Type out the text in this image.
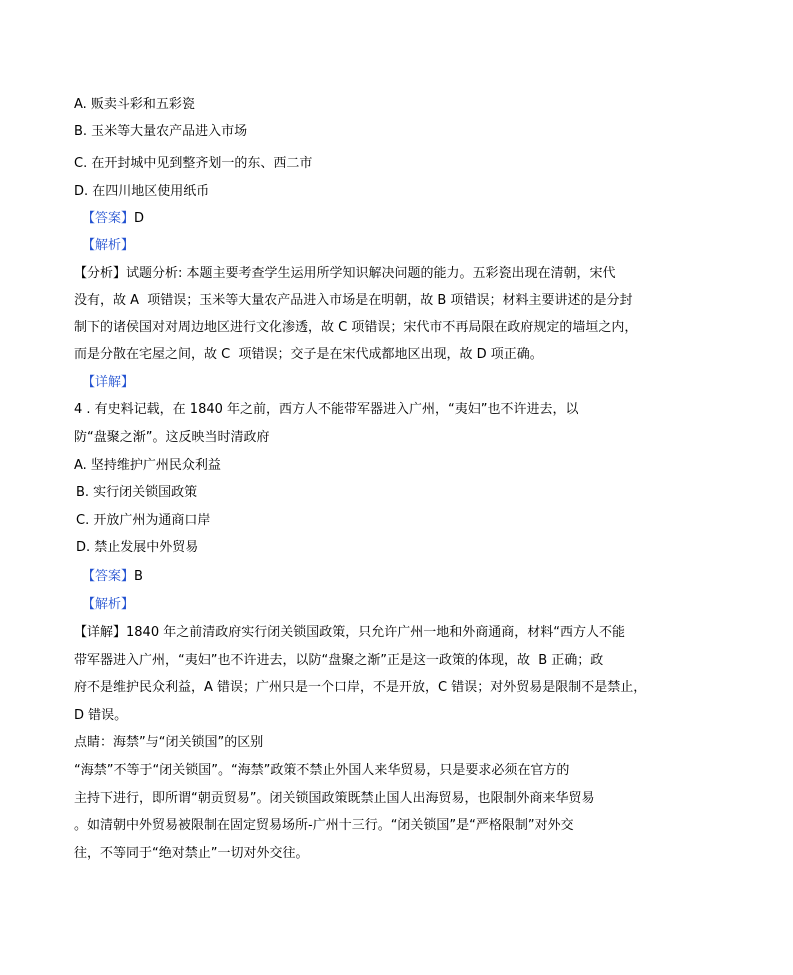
A. 贩卖斗彩和五彩瓷
B. 玉米等大量农产品进入市场
C. 在开封城中见到整齐划一的东、西二市
D. 在四川地区使用纸币
【答案】D
【解析】
【分析】试题分析: 本题主要考查学生运用所学知识解决问题的能力。五彩瓷出现在清朝，宋代
没有，故 A  项错误；玉米等大量农产品进入市场是在明朝，故 B 项错误；材料主要讲述的是分封
制下的诸侯国对对周边地区进行文化渗透，故 C 项错误；宋代市不再局限在政府规定的墙垣之内，
而是分散在宅屋之间，故 C  项错误；交子是在宋代成都地区出现，故 D 项正确。
【详解】
4 . 有史料记载，在 1840 年之前，西方人不能带军器进入广州，“夷妇”也不许进去，以
防“盘聚之渐”。这反映当时清政府
A. 坚持维护广州民众利益
B. 实行闭关锁国政策
C. 开放广州为通商口岸
D. 禁止发展中外贸易
【答案】B
【解析】
【详解】1840 年之前清政府实行闭关锁国政策，只允许广州一地和外商通商，材料“西方人不能
带军器进入广州，“夷妇”也不许进去，以防“盘聚之渐”正是这一政策的体现，故  B 正确；政
府不是维护民众利益，A 错误；广州只是一个口岸，不是开放，C 错误；对外贸易是限制不是禁止，
D 错误。
点睛：海禁”与“闭关锁国”的区别
“海禁”不等于“闭关锁国”。“海禁”政策不禁止外国人来华贸易，只是要求必须在官方的
主持下进行，即所谓“朝贡贸易”。闭关锁国政策既禁止国人出海贸易，也限制外商来华贸易
。如清朝中外贸易被限制在固定贸易场所-广州十三行。“闭关锁国”是“严格限制”对外交
往，不等同于“绝对禁止”一切对外交往。
